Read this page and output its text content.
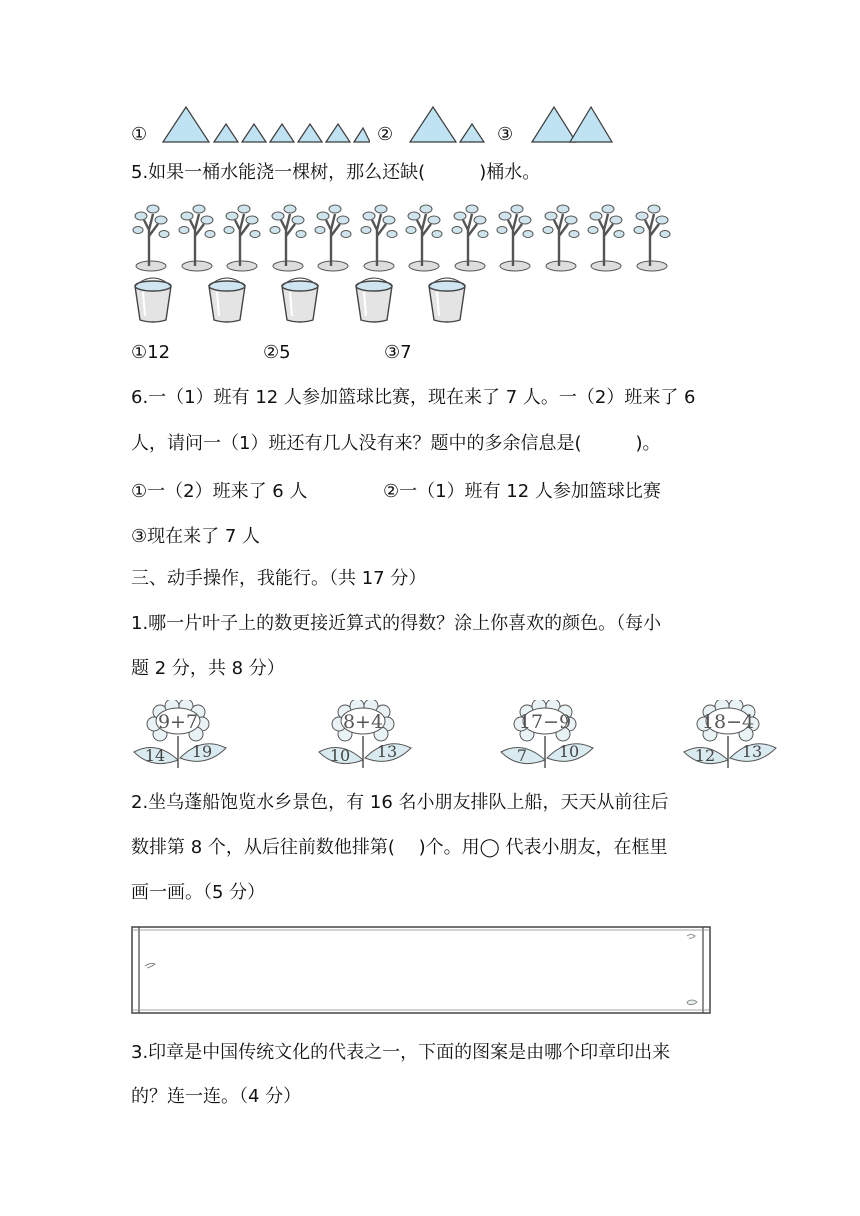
①	②	③
5.如果一桶水能浇一棵树，那么还缺(　　　)桶水。
①12	②5	③7
6.一（1）班有 12 人参加篮球比赛，现在来了 7 人。一（2）班来了 6
人，请问一（1）班还有几人没有来？题中的多余信息是(　　　)。
①一（2）班来了 6 人	②一（1）班有 12 人参加篮球比赛
③现在来了 7 人
三、动手操作，我能行。（共 17 分）
1.哪一片叶子上的数更接近算式的得数？涂上你喜欢的颜色。（每小
题 2 分，共 8 分）
9+7
14 19
8+4
10 13
17−9
7 10
18−4
12 13
2.坐乌蓬船饱览水乡景色，有 16 名小朋友排队上船，天天从前往后
数排第 8 个，从后往前数他排第(　 )个。用◯ 代表小朋友，在框里
画一画。（5 分）
3.印章是中国传统文化的代表之一，下面的图案是由哪个印章印出来
的？连一连。（4 分）
